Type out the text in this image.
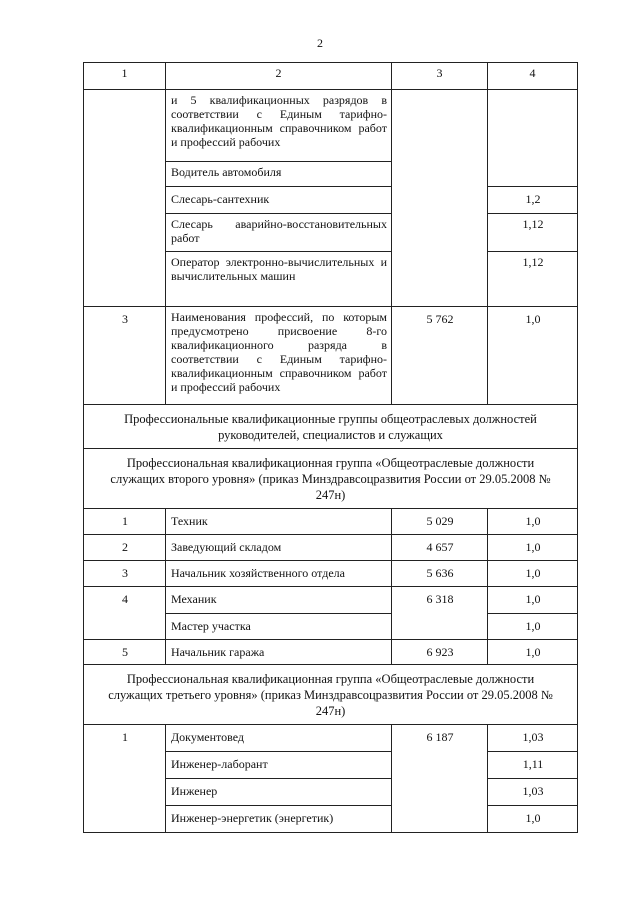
2
1	2	3	4

	и 5 квалификационных разрядов в соответствии с Единым тарифно-квалификационным справочником работ и профессий рабочих		

	Водитель автомобиля		

	Слесарь-сантехник		1,2

	Слесарь аварийно-восстановительных работ		1,12

	Оператор электронно-вычислительных и вычислительных машин		1,12

3	Наименования профессий, по которым предусмотрено присвоение 8-го квалификационного разряда в соответствии с Единым тарифно-квалификационным справочником работ и профессий рабочих	5 762	1,0

Профессиональные квалификационные группы общеотраслевых должностей руководителей, специалистов и служащих			

Профессиональная квалификационная группа «Общеотраслевые должности служащих второго уровня» (приказ Минздравсоцразвития России от 29.05.2008 № 247н)			

1	Техник	5 029	1,0

2	Заведующий складом	4 657	1,0

3	Начальник хозяйственного отдела	5 636	1,0

4	Механик	6 318	1,0

	Мастер участка		1,0

5	Начальник гаража	6 923	1,0

Профессиональная квалификационная группа «Общеотраслевые должности служащих третьего уровня» (приказ Минздравсоцразвития России от 29.05.2008 № 247н)			

1	Документовед	6 187	1,03

	Инженер-лаборант		1,11

	Инженер		1,03

	Инженер-энергетик (энергетик)		1,0
